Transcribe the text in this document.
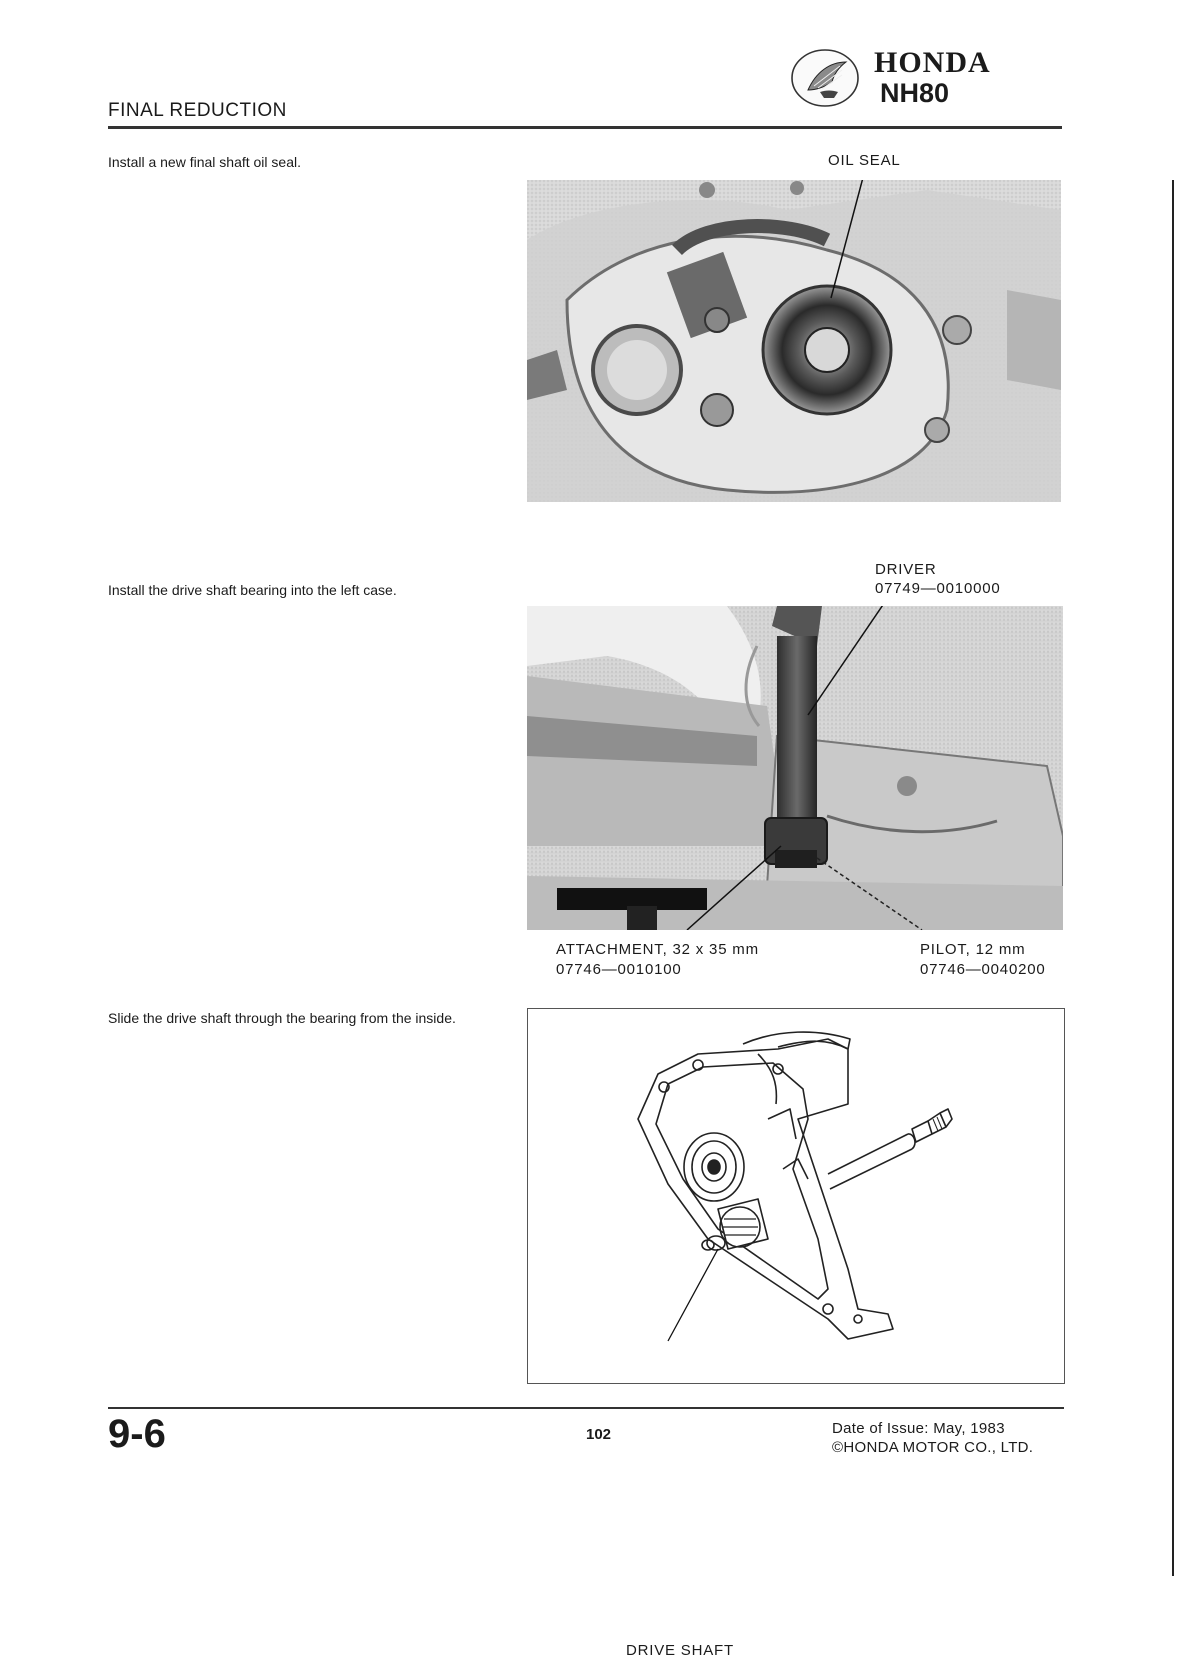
FINAL REDUCTION
HONDA
NH80
Install a new final shaft oil seal.	OIL SEAL
Install the drive shaft bearing into the left case.
DRIVER
07749—0010000
ATTACHMENT, 32 x 35 mm
07746—0010100
PILOT, 12 mm
07746—0040200
Slide the drive shaft through the bearing from the inside.
DRIVE SHAFT
9-6	102	Date of Issue: May, 1983
©HONDA MOTOR CO., LTD.
